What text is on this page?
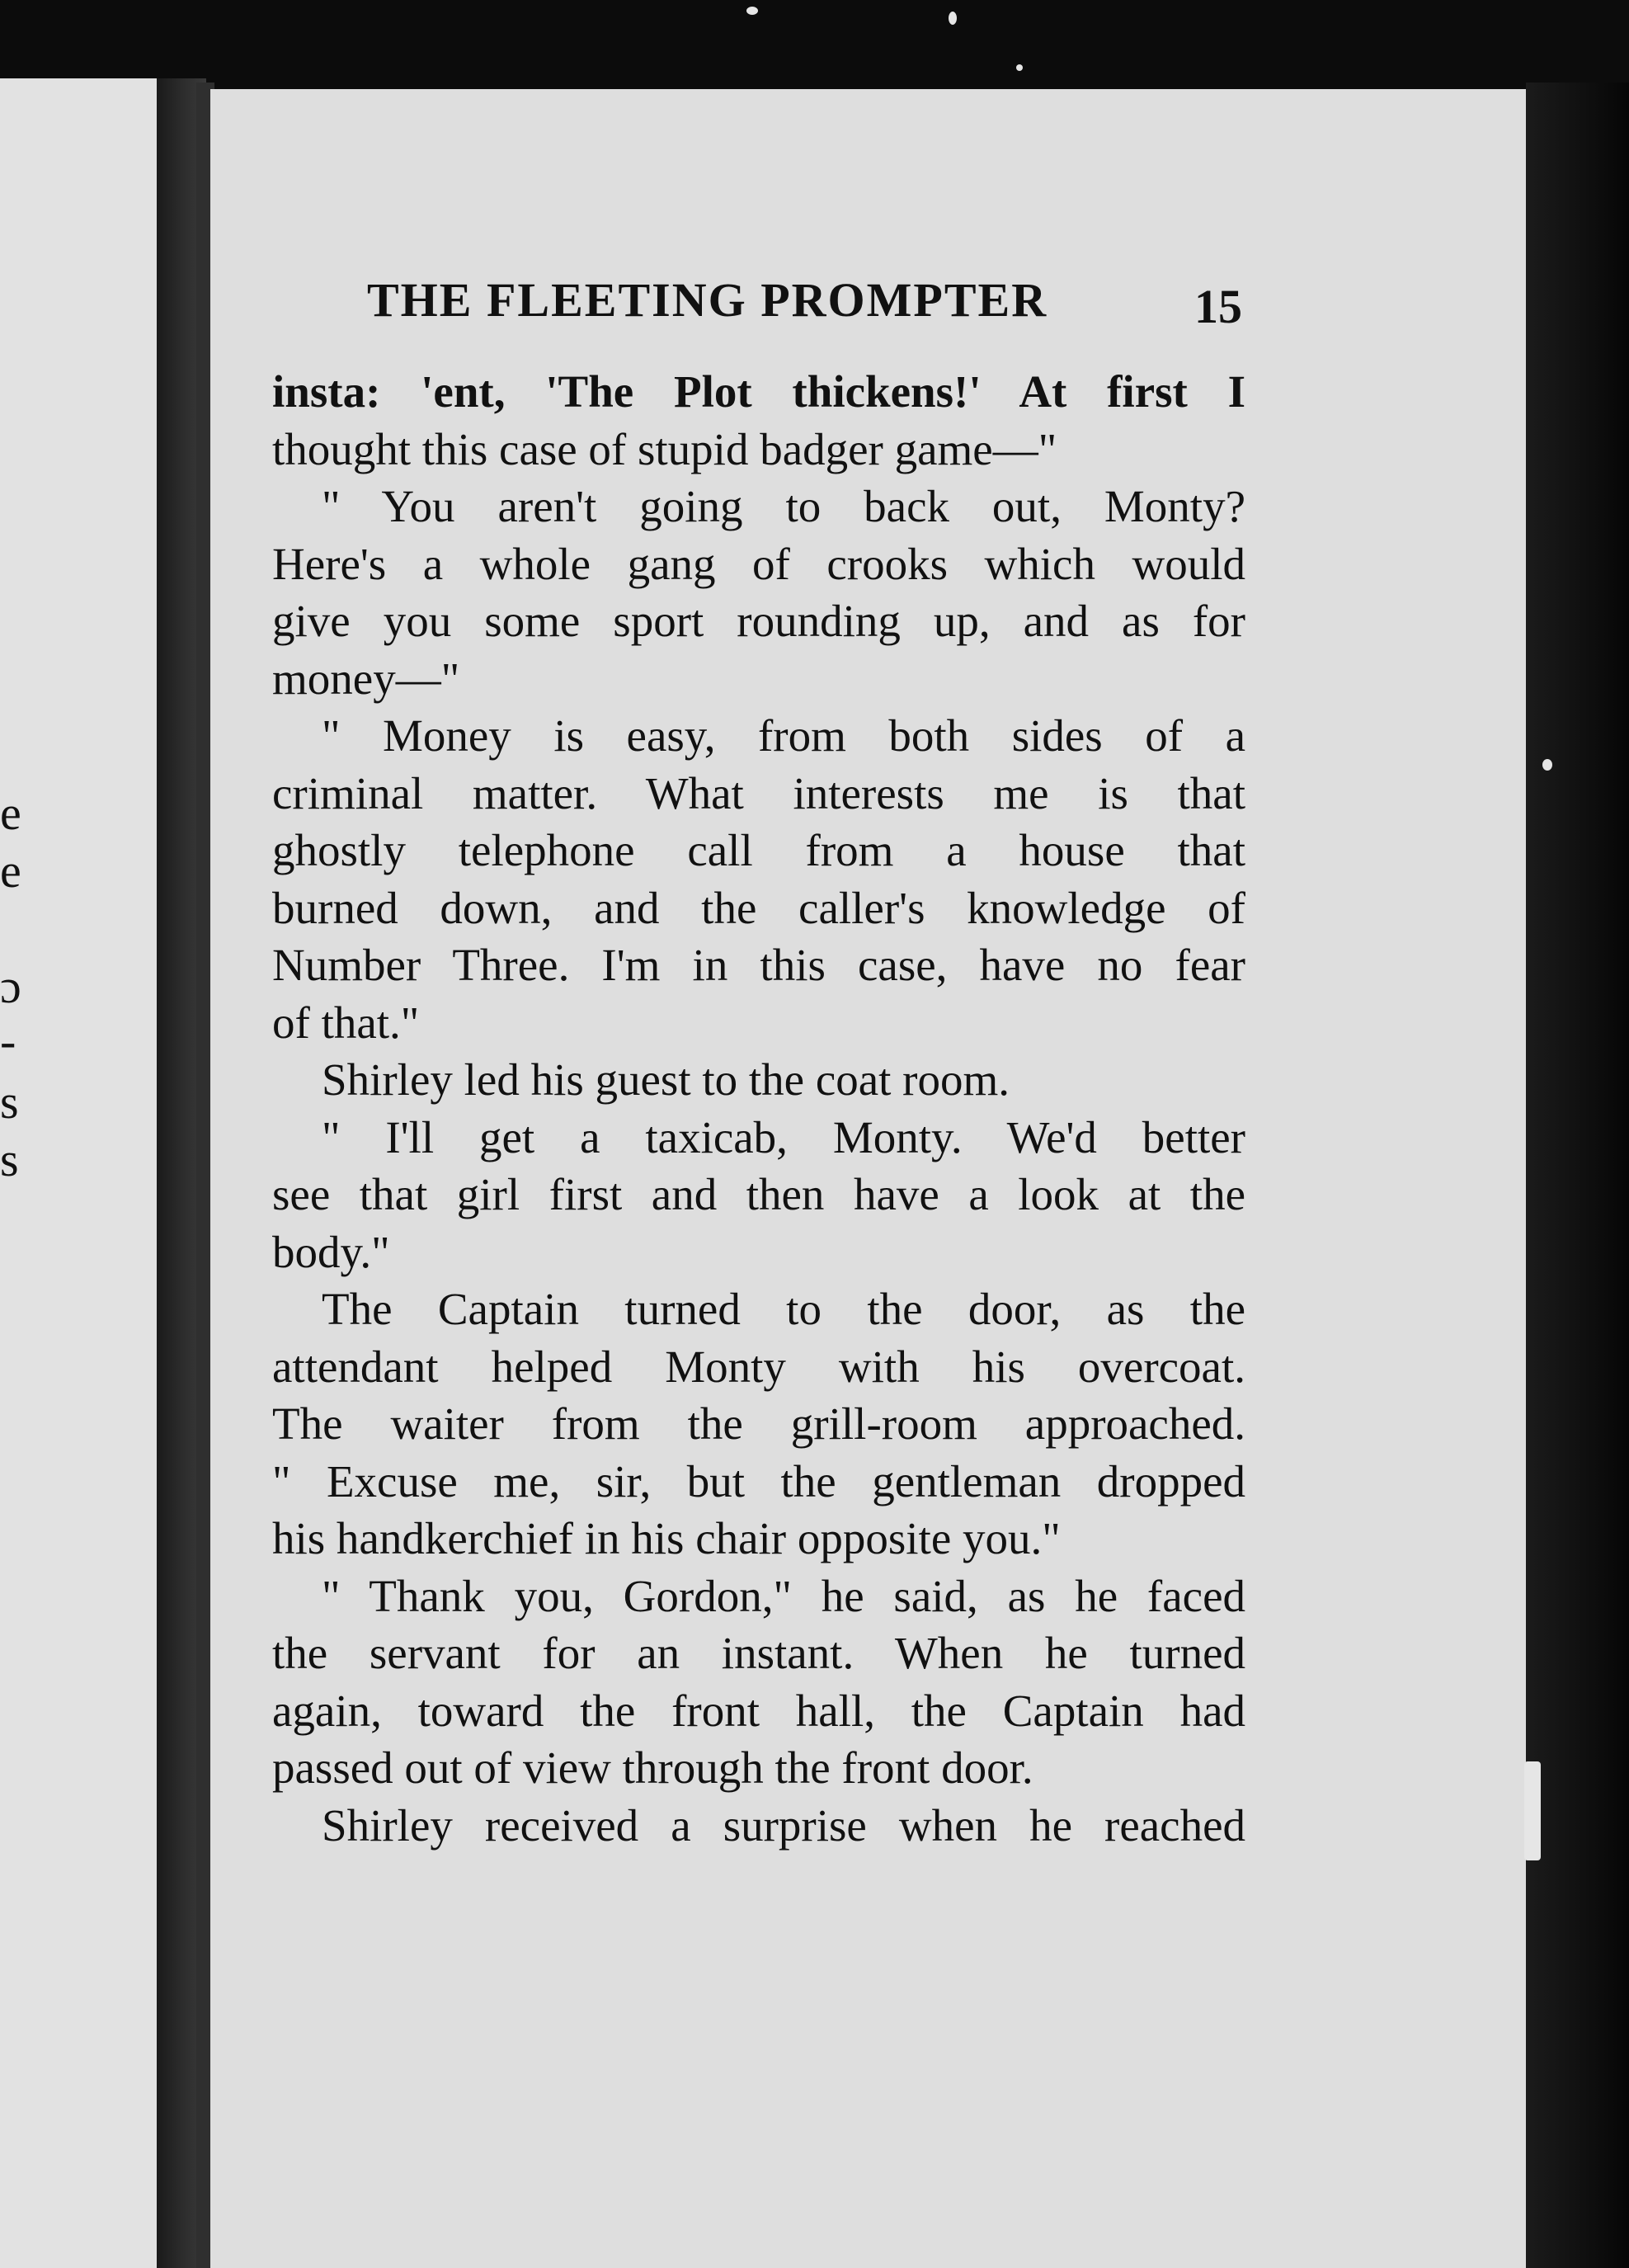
e
e
ɔ
-
s
s
THE FLEETING PROMPTER	15
insta: 'ent, 'The Plot thickens!' At first I
thought this case of stupid badger game—"
" You aren't going to back out, Monty?
Here's a whole gang of crooks which would
give you some sport rounding up, and as for
money—"
" Money is easy, from both sides of a
criminal matter. What interests me is that
ghostly telephone call from a house that
burned down, and the caller's knowledge of
Number Three. I'm in this case, have no fear
of that."
Shirley led his guest to the coat room.
" I'll get a taxicab, Monty. We'd better
see that girl first and then have a look at the
body."
The Captain turned to the door, as the
attendant helped Monty with his overcoat.
The waiter from the grill-room approached.
" Excuse me, sir, but the gentleman dropped
his handkerchief in his chair opposite you."
" Thank you, Gordon," he said, as he faced
the servant for an instant. When he turned
again, toward the front hall, the Captain had
passed out of view through the front door.
Shirley received a surprise when he reached
